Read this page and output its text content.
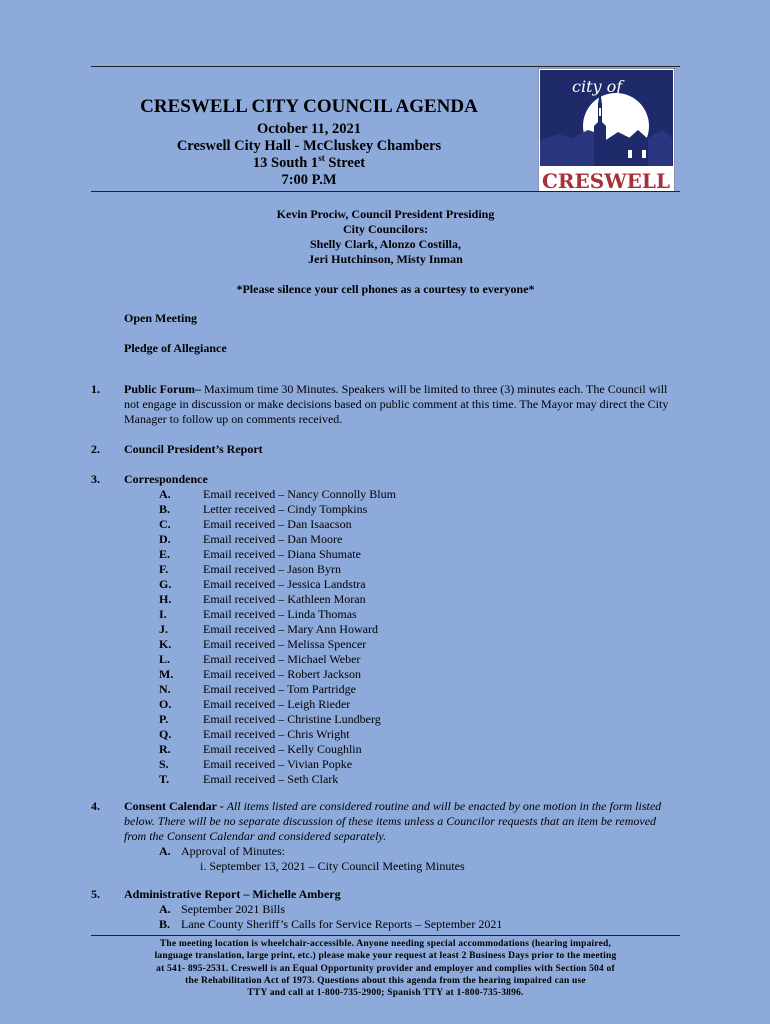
CRESWELL CITY COUNCIL AGENDA
October 11, 2021
Creswell City Hall - McCluskey Chambers
13 South 1st Street
7:00 P.M
city of
CRESWELL
Kevin Prociw, Council President Presiding
City Councilors:
Shelly Clark, Alonzo Costilla,
Jeri Hutchinson, Misty Inman
*Please silence your cell phones as a courtesy to everyone*
Open Meeting
Pledge of Allegiance
1. Public Forum– Maximum time 30 Minutes. Speakers will be limited to three (3) minutes each. The Council will not engage in discussion or make decisions based on public comment at this time. The Mayor may direct the City Manager to follow up on comments received.
2. Council President’s Report
3. Correspondence
A.	Email received – Nancy Connolly Blum
B.	Letter received – Cindy Tompkins
C.	Email received – Dan Isaacson
D.	Email received – Dan Moore
E.	Email received – Diana Shumate
F.	Email received – Jason Byrn
G.	Email received – Jessica Landstra
H.	Email received – Kathleen Moran
I.	Email received – Linda Thomas
J.	Email received – Mary Ann Howard
K.	Email received – Melissa Spencer
L.	Email received – Michael Weber
M. Email received – Robert Jackson
N.	Email received – Tom Partridge
O.	Email received – Leigh Rieder
P.	Email received – Christine Lundberg
Q.	Email received – Chris Wright
R.	Email received – Kelly Coughlin
S.	Email received – Vivian Popke
T.	Email received – Seth Clark
4. Consent Calendar - All items listed are considered routine and will be enacted by one motion in the form listed below. There will be no separate discussion of these items unless a Councilor requests that an item be removed from the Consent Calendar and considered separately.
A. Approval of Minutes:
i. September 13, 2021 – City Council Meeting Minutes
5. Administrative Report – Michelle Amberg
A. September 2021 Bills
B. Lane County Sheriff’s Calls for Service Reports – September 2021
The meeting location is wheelchair-accessible. Anyone needing special accommodations (hearing impaired,
language translation, large print, etc.) please make your request at least 2 Business Days prior to the meeting
at 541- 895-2531. Creswell is an Equal Opportunity provider and employer and complies with Section 504 of
the Rehabilitation Act of 1973. Questions about this agenda from the hearing impaired can use
TTY and call at 1-800-735-2900; Spanish TTY at 1-800-735-3896.
